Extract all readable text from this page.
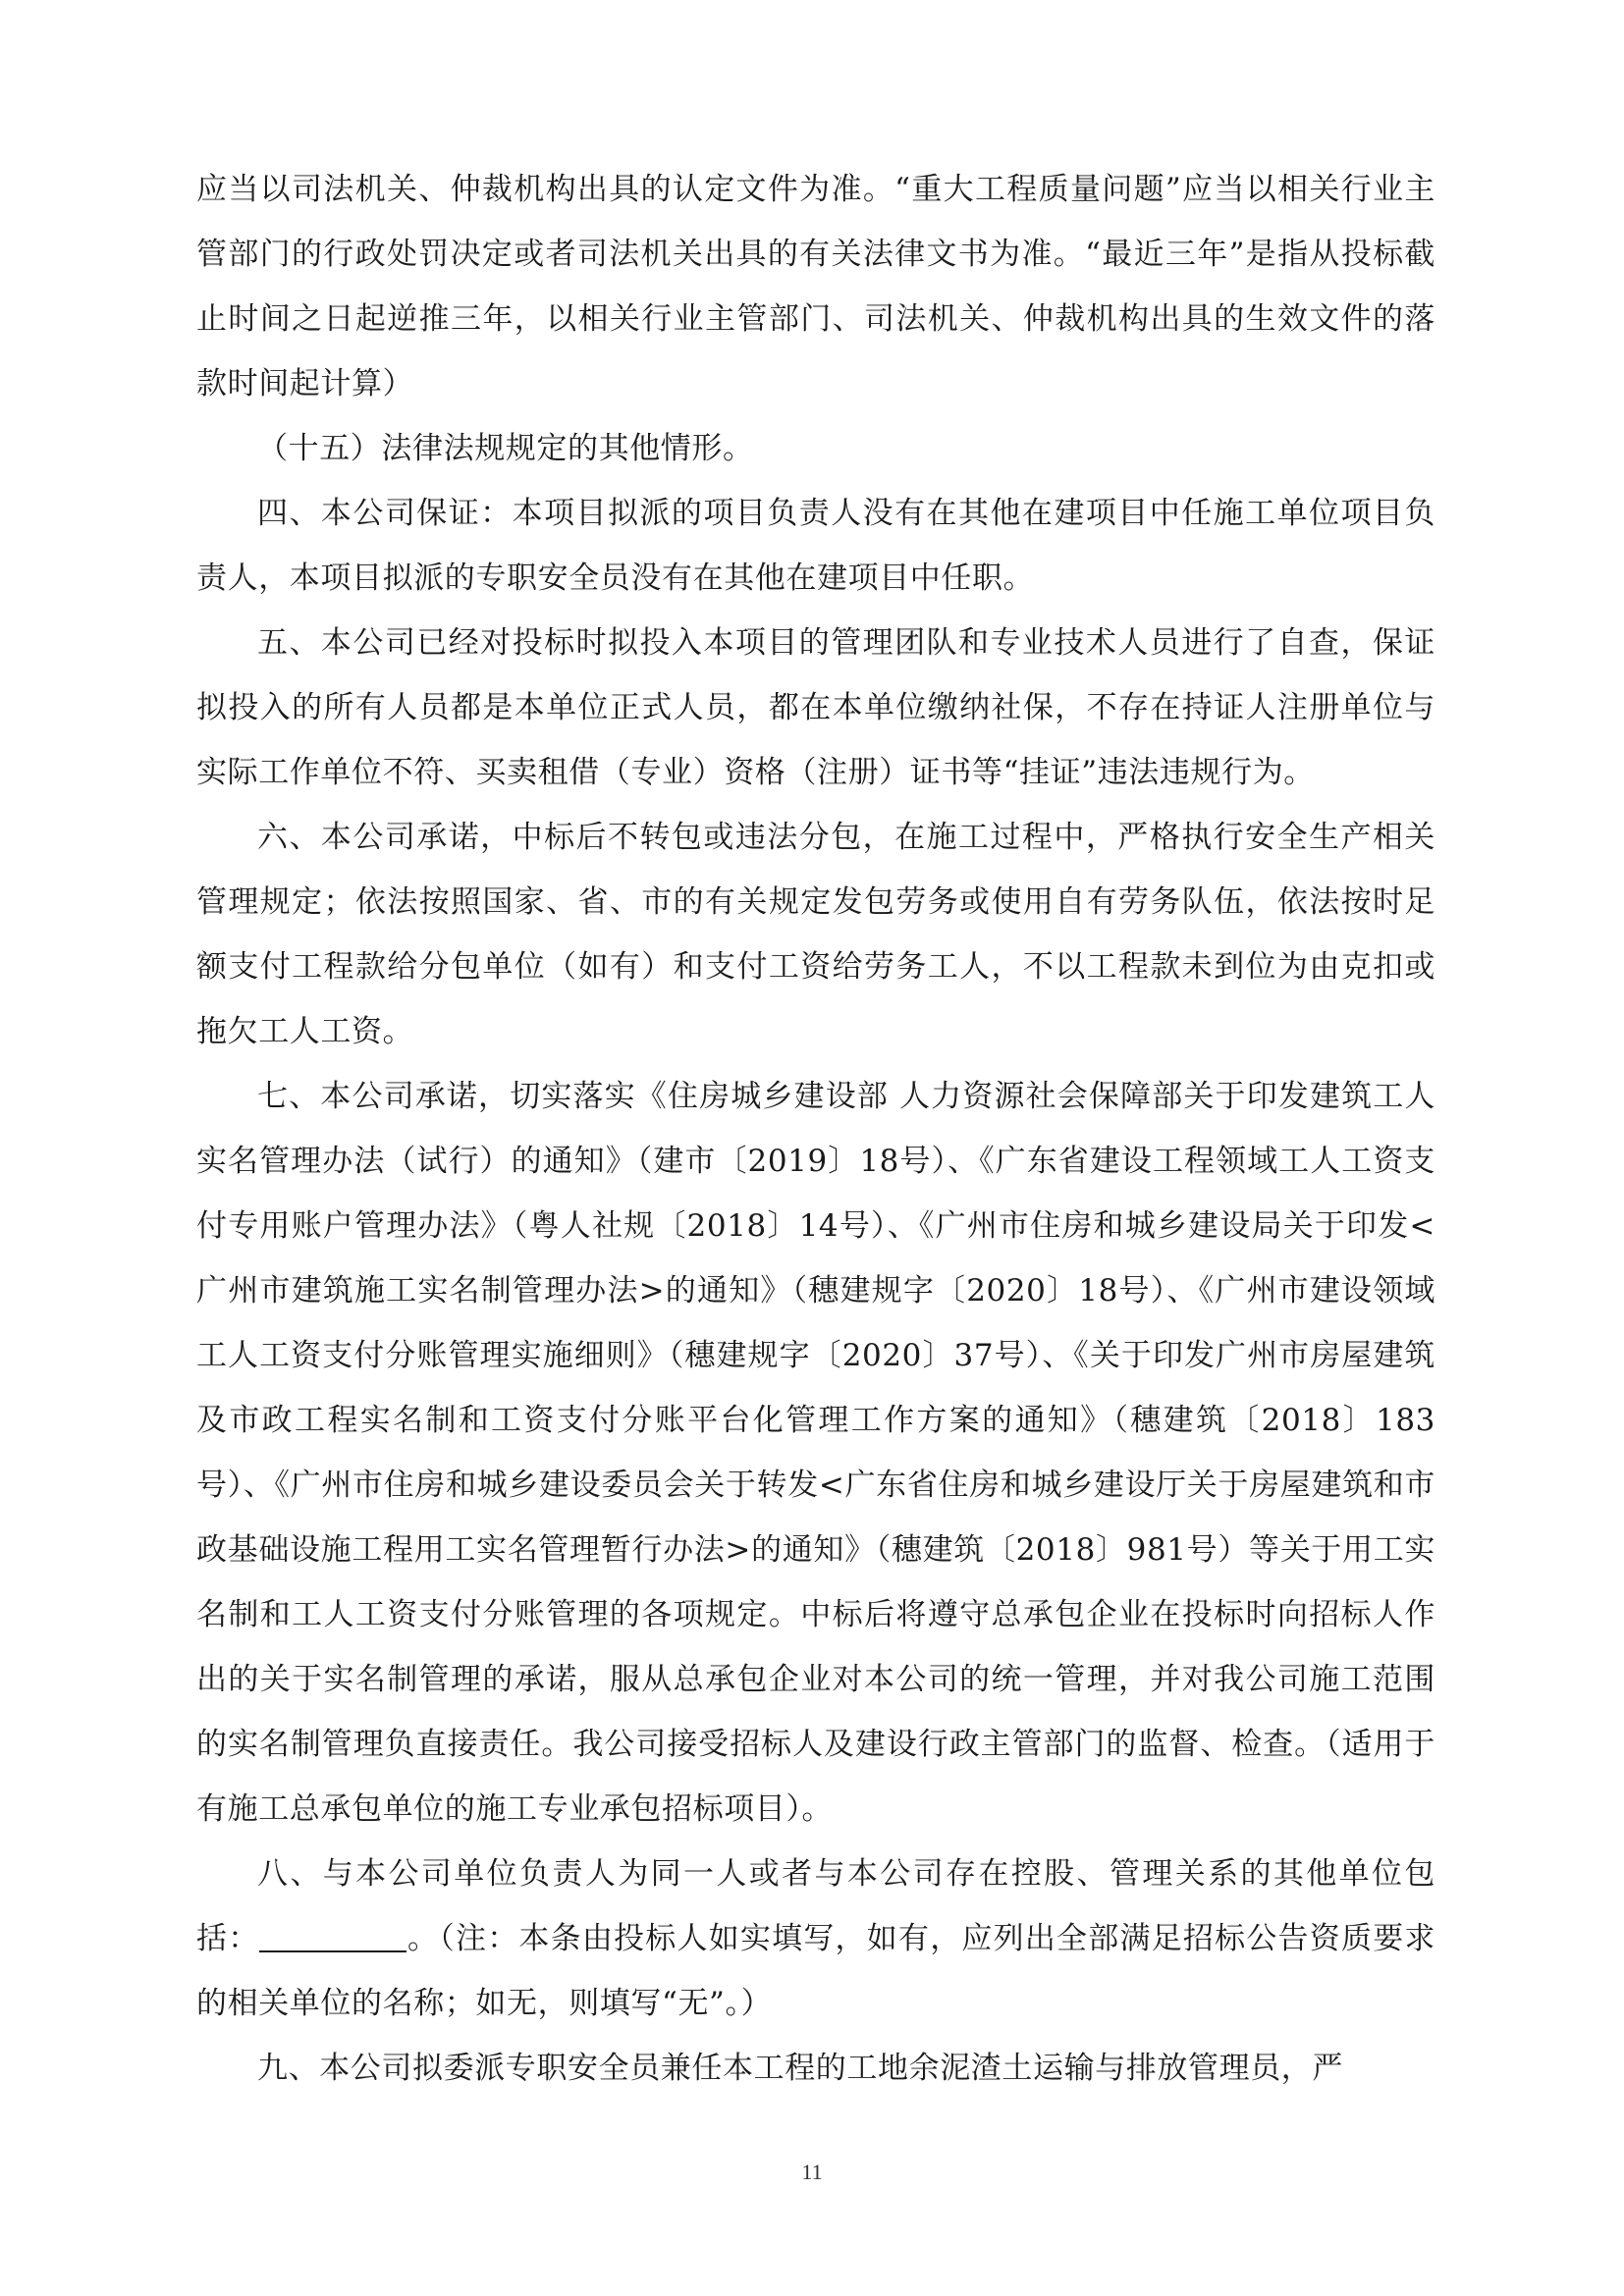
应当以司法机关、仲裁机构出具的认定文件为准。“重大工程质量问题”应当以相关行业主管部门的行政处罚决定或者司法机关出具的有关法律文书为准。“最近三年”是指从投标截止时间之日起逆推三年，以相关行业主管部门、司法机关、仲裁机构出具的生效文件的落款时间起计算）

（十五）法律法规规定的其他情形。

四、本公司保证：本项目拟派的项目负责人没有在其他在建项目中任施工单位项目负责人，本项目拟派的专职安全员没有在其他在建项目中任职。

五、本公司已经对投标时拟投入本项目的管理团队和专业技术人员进行了自查，保证拟投入的所有人员都是本单位正式人员，都在本单位缴纳社保，不存在持证人注册单位与实际工作单位不符、买卖租借（专业）资格（注册）证书等“挂证”违法违规行为。

六、本公司承诺，中标后不转包或违法分包，在施工过程中，严格执行安全生产相关管理规定；依法按照国家、省、市的有关规定发包劳务或使用自有劳务队伍，依法按时足额支付工程款给分包单位（如有）和支付工资给劳务工人，不以工程款未到位为由克扣或拖欠工人工资。

七、本公司承诺，切实落实《住房城乡建设部 人力资源社会保障部关于印发建筑工人实名管理办法（试行）的通知》（建市〔2019〕18号）、《广东省建设工程领域工人工资支付专用账户管理办法》（粤人社规〔2018〕14号）、《广州市住房和城乡建设局关于印发<广州市建筑施工实名制管理办法>的通知》（穗建规字〔2020〕18号）、《广州市建设领域工人工资支付分账管理实施细则》（穗建规字〔2020〕37号）、《关于印发广州市房屋建筑及市政工程实名制和工资支付分账平台化管理工作方案的通知》（穗建筑〔2018〕183号）、《广州市住房和城乡建设委员会关于转发<广东省住房和城乡建设厅关于房屋建筑和市政基础设施工程用工实名管理暂行办法>的通知》（穗建筑〔2018〕981号）等关于用工实名制和工人工资支付分账管理的各项规定。中标后将遵守总承包企业在投标时向招标人作出的关于实名制管理的承诺，服从总承包企业对本公司的统一管理，并对我公司施工范围的实名制管理负直接责任。我公司接受招标人及建设行政主管部门的监督、检查。（适用于有施工总承包单位的施工专业承包招标项目）。

八、与本公司单位负责人为同一人或者与本公司存在控股、管理关系的其他单位包括：	。（注：本条由投标人如实填写，如有，应列出全部满足招标公告资质要求的相关单位的名称；如无，则填写“无”。）

九、本公司拟委派专职安全员兼任本工程的工地余泥渣土运输与排放管理员，严

11
